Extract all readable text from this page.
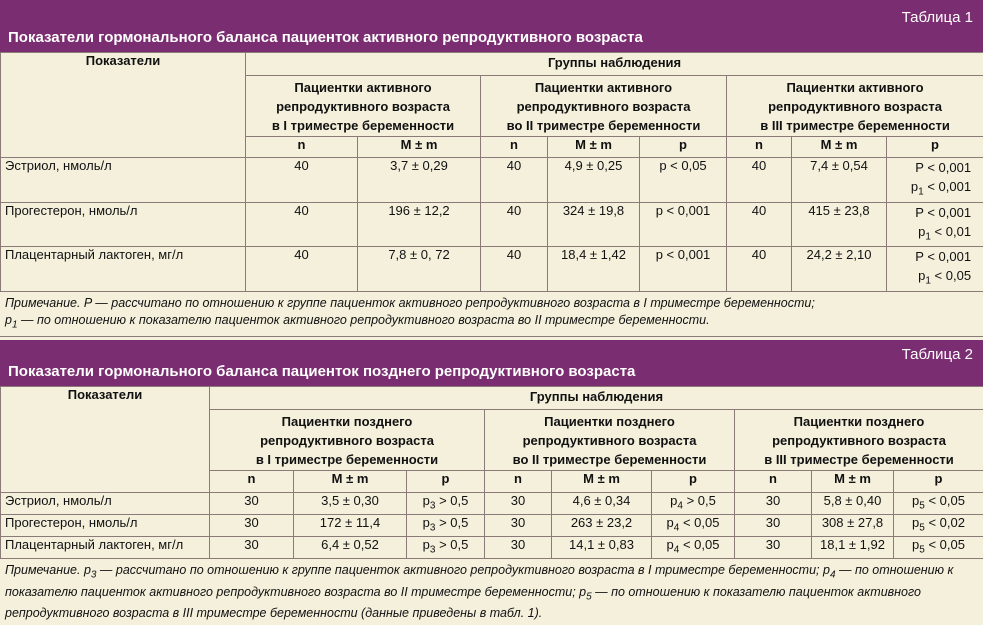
Таблица 1
Показатели гормонального баланса пациенток активного репродуктивного возраста
Показатели	Группы наблюдения							

	Пациентки активного
репродуктивного возраста
в I триместре беременности		Пациентки активного
репродуктивного возраста
во II триместре беременности			Пациентки активного
репродуктивного возраста
в III триместре беременности		

	n	M ± m	n	M ± m	p	n	M ± m	p
Эстриол, нмоль/л	40	3,7 ± 0,29	40	4,9 ± 0,25	p < 0,05	40	7,4 ± 0,54	P < 0,001
$p_1 < 0,001$

Прогестерон, нмоль/л	40	196 ± 12,2	40	324 ± 19,8	p < 0,001	40	415 ± 23,8	P < 0,001
$p_1 < 0,01$

Плацентарный лактоген, мг/л	40	7,8 ± 0, 72	40	18,4 ± 1,42	p < 0,001	40	24,2 ± 2,10	P < 0,001
$p_1 < 0,05$
Примечание. P — рассчитано по отношению к группе пациенток активного репродуктивного возраста в I триместре беременности;
$p_1$ — по отношению к показателю пациенток активного репродуктивного возраста во II триместре беременности.
Таблица 2
Показатели гормонального баланса пациенток позднего репродуктивного возраста
Показатели	Группы наблюдения								

	Пациентки позднего
репродуктивного возраста
в I триместре беременности			Пациентки позднего
репродуктивного возраста
во II триместре беременности			Пациентки позднего
репродуктивного возраста
в III триместре беременности		

	n	M ± m	p	n	M ± m	p	n	M ± m	p
Эстриол, нмоль/л	30	3,5 ± 0,30	$p_3 > 0,5$	30	4,6 ± 0,34	$p_4 > 0,5$	30	5,8 ± 0,40	$p_5 < 0,05$
Прогестерон, нмоль/л	30	172 ± 11,4	$p_3 > 0,5$	30	263 ± 23,2	$p_4 < 0,05$	30	308 ± 27,8	$p_5 < 0,02$
Плацентарный лактоген, мг/л	30	6,4 ± 0,52	$p_3 > 0,5$	30	14,1 ± 0,83	$p_4 < 0,05$	30	18,1 ± 1,92	$p_5 < 0,05$
Примечание. $p_3$ — рассчитано по отношению к группе пациенток активного репродуктивного возраста в I триместре беременности; $p_4$ — по отношению к показателю пациенток активного репродуктивного возраста во II триместре беременности; $p_5$ — по отношению к показателю пациенток активного репродуктивного возраста в III триместре беременности (данные приведены в табл. 1).
